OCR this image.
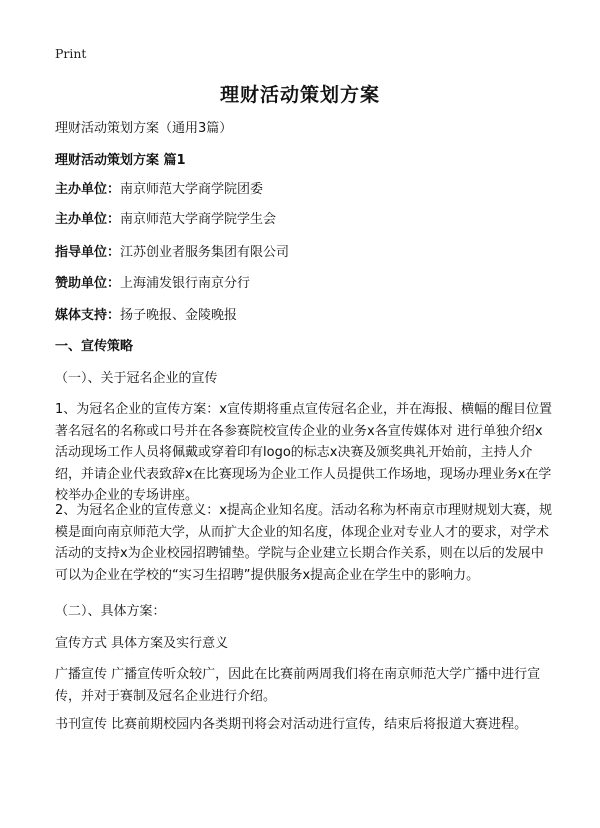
Print
理财活动策划方案

理财活动策划方案（通用3篇）

理财活动策划方案 篇1

主办单位：南京师范大学商学院团委

主办单位：南京师范大学商学院学生会

指导单位：江苏创业者服务集团有限公司

赞助单位：上海浦发银行南京分行

媒体支持：扬子晚报、金陵晚报

一、宣传策略

（一）、关于冠名企业的宣传

1、为冠名企业的宣传方案：x宣传期将重点宣传冠名企业，并在海报、横幅的醒目位置著名冠名的名称或口号并在各参赛院校宣传企业的业务x各宣传媒体对 进行单独介绍x活动现场工作人员将佩戴或穿着印有logo的标志x决赛及颁奖典礼开始前，主持人介绍，并请企业代表致辞x在比赛现场为企业工作人员提供工作场地，现场办理业务x在学校举办企业的专场讲座。

2、为冠名企业的宣传意义：x提高企业知名度。活动名称为杯南京市理财规划大赛，规模是面向南京师范大学，从而扩大企业的知名度，体现企业对专业人才的要求，对学术活动的支持x为企业校园招聘铺垫。学院与企业建立长期合作关系，则在以后的发展中可以为企业在学校的“实习生招聘”提供服务x提高企业在学生中的影响力。

（二）、具体方案：

宣传方式 具体方案及实行意义

广播宣传 广播宣传听众较广，因此在比赛前两周我们将在南京师范大学广播中进行宣传，并对于赛制及冠名企业进行介绍。

书刊宣传 比赛前期校园内各类期刊将会对活动进行宣传，结束后将报道大赛进程。
